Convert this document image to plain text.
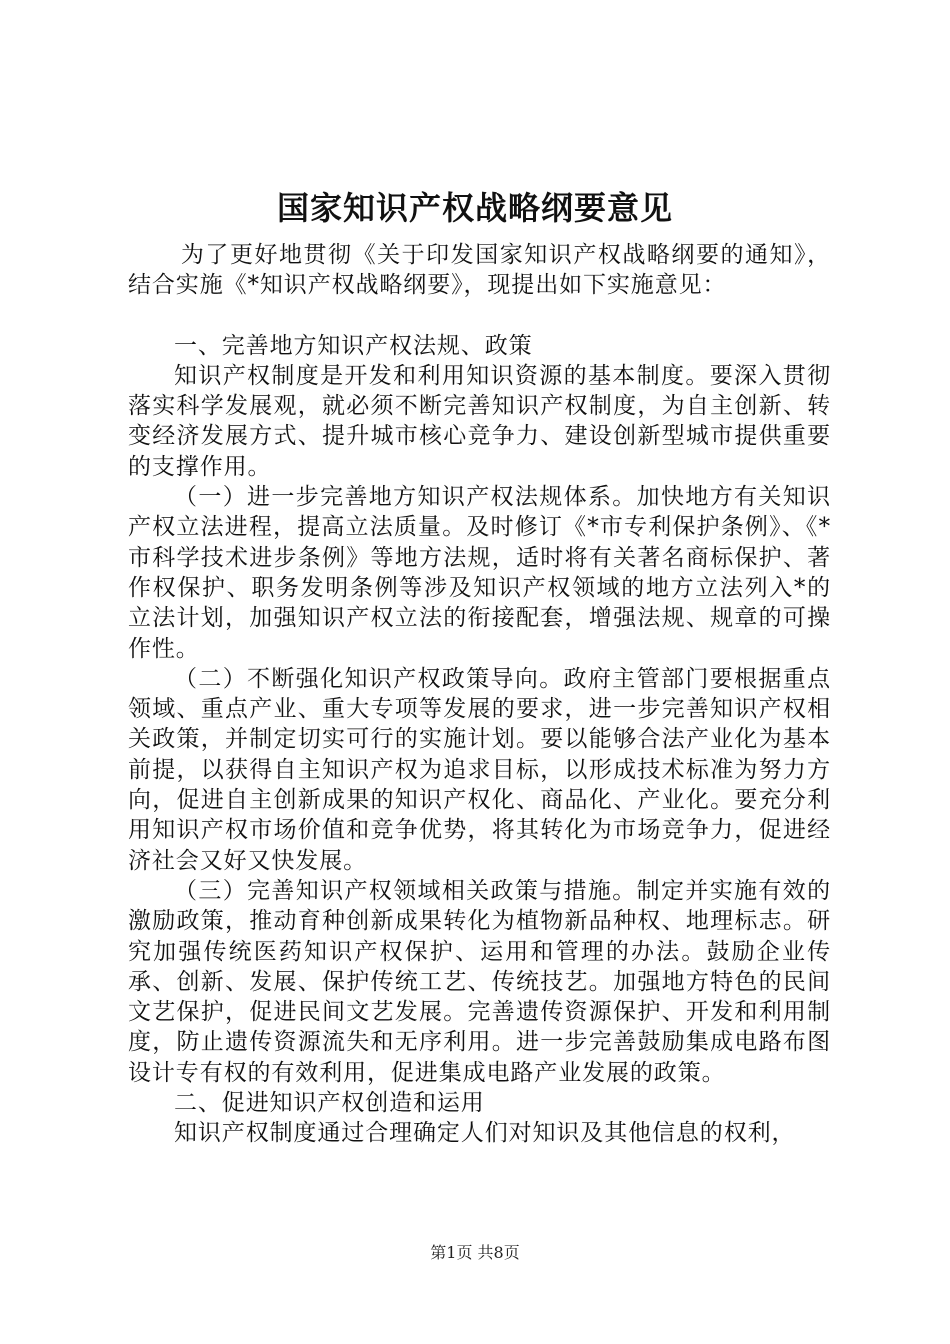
国家知识产权战略纲要意见

为了更好地贯彻《关于印发国家知识产权战略纲要的通知》，结合实施《*知识产权战略纲要》，现提出如下实施意见：

一、完善地方知识产权法规、政策

知识产权制度是开发和利用知识资源的基本制度。要深入贯彻落实科学发展观，就必须不断完善知识产权制度，为自主创新、转变经济发展方式、提升城市核心竞争力、建设创新型城市提供重要的支撑作用。

（一）进一步完善地方知识产权法规体系。加快地方有关知识产权立法进程，提高立法质量。及时修订《*市专利保护条例》、《*市科学技术进步条例》等地方法规，适时将有关著名商标保护、著作权保护、职务发明条例等涉及知识产权领域的地方立法列入*的立法计划，加强知识产权立法的衔接配套，增强法规、规章的可操作性。

（二）不断强化知识产权政策导向。政府主管部门要根据重点领域、重点产业、重大专项等发展的要求，进一步完善知识产权相关政策，并制定切实可行的实施计划。要以能够合法产业化为基本前提，以获得自主知识产权为追求目标，以形成技术标准为努力方向，促进自主创新成果的知识产权化、商品化、产业化。要充分利用知识产权市场价值和竞争优势，将其转化为市场竞争力，促进经济社会又好又快发展。

（三）完善知识产权领域相关政策与措施。制定并实施有效的激励政策，推动育种创新成果转化为植物新品种权、地理标志。研究加强传统医药知识产权保护、运用和管理的办法。鼓励企业传承、创新、发展、保护传统工艺、传统技艺。加强地方特色的民间文艺保护，促进民间文艺发展。完善遗传资源保护、开发和利用制度，防止遗传资源流失和无序利用。进一步完善鼓励集成电路布图设计专有权的有效利用，促进集成电路产业发展的政策。

二、促进知识产权创造和运用

知识产权制度通过合理确定人们对知识及其他信息的权利，

第1页 共8页
